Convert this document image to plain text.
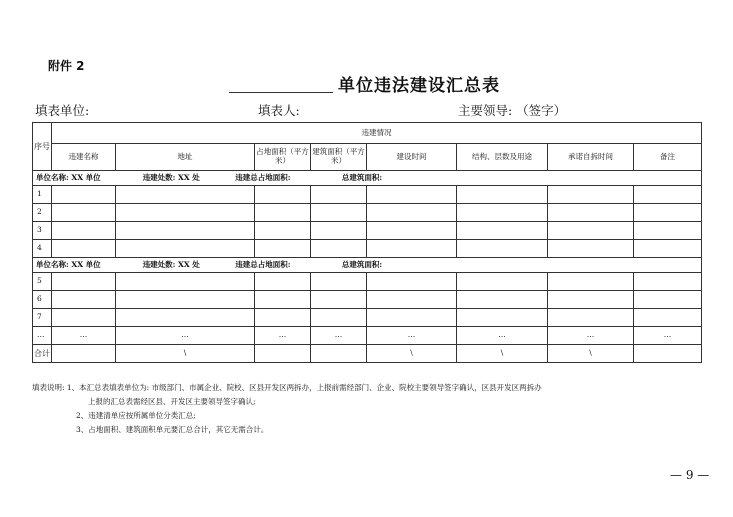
附件 2
单位违法建设汇总表
填表单位:	填表人:	主要领导: （签字）
序号	违建情况							
	违建名称	地址	占地面积（平方米）	建筑面积（平方米）	建设时间	结构、层数及用途	承诺自拆时间	备注
单位名称: XX 单位 违建处数: XX 处 违建总占地面积: 总建筑面积:								
1								
2								
3								
4								
单位名称: XX 单位 违建处数: XX 处 违建总占地面积: 总建筑面积:								
5								
6								
7								
…	…	…	…	…	…	…	…	…
合计		\			\	\	\	
填表说明: 1、本汇总表填表单位为: 市级部门、市属企业、院校、区县开发区两拆办，上报前需经部门、企业、院校主要领导签字确认，区县开发区两拆办
上报的汇总表需经区县、开发区主要领导签字确认;
2、违建清单应按所属单位分类汇总;
3、占地面积、建筑面积单元要汇总合计，其它无需合计。
— 9 —
